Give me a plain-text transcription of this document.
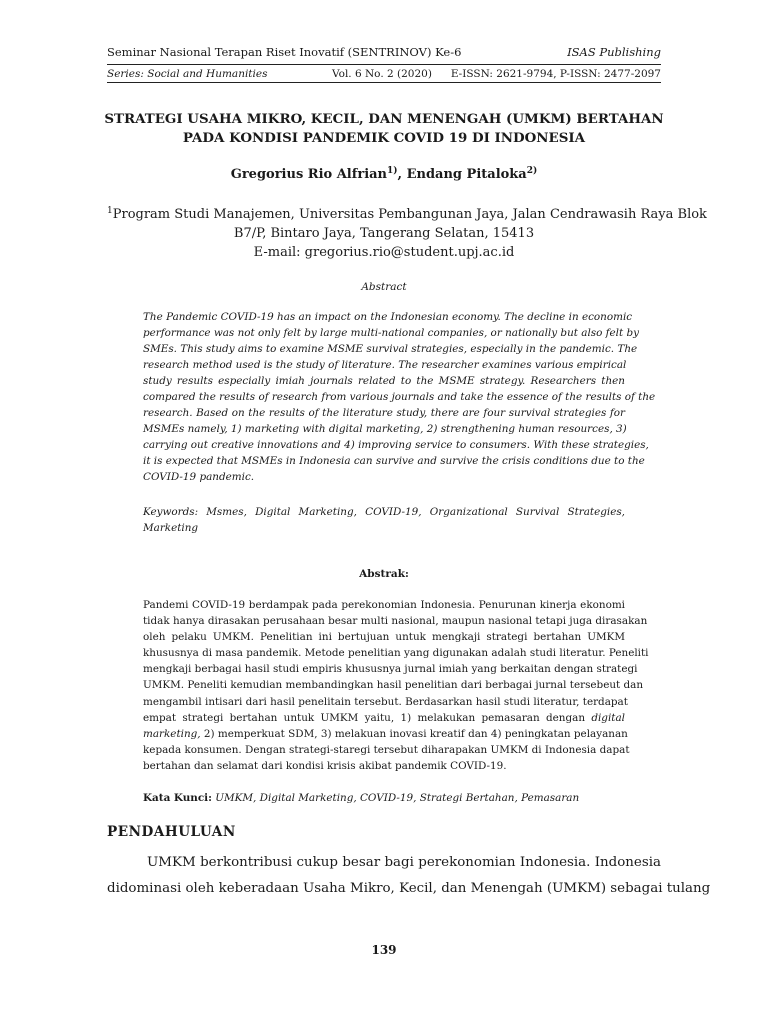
Seminar Nasional Terapan Riset Inovatif (SENTRINOV) Ke-6	ISAS Publishing
Series: Social and Humanities	Vol. 6 No. 2 (2020) E-ISSN: 2621-9794, P-ISSN: 2477-2097
STRATEGI USAHA MIKRO, KECIL, DAN MENENGAH (UMKM) BERTAHAN
PADA KONDISI PANDEMIK COVID 19 DI INDONESIA
Gregorius Rio Alfrian$^{1)}$, Endang Pitaloka$^{2)}$
$^1$Program Studi Manajemen, Universitas Pembangunan Jaya, Jalan Cendrawasih Raya Blok
B7/P, Bintaro Jaya, Tangerang Selatan, 15413
E-mail: gregorius.rio@student.upj.ac.id
Abstract
The Pandemic COVID-19 has an impact on the Indonesian economy. The decline in economic
performance was not only felt by large multi-national companies, or nationally but also felt by
SMEs. This study aims to examine MSME survival strategies, especially in the pandemic. The
research method used is the study of literature. The researcher examines various empirical
study results especially imiah journals related to the MSME strategy. Researchers then
compared the results of research from various journals and take the essence of the results of the
research. Based on the results of the literature study, there are four survival strategies for
MSMEs namely, 1) marketing with digital marketing, 2) strengthening human resources, 3)
carrying out creative innovations and 4) improving service to consumers. With these strategies,
it is expected that MSMEs in Indonesia can survive and survive the crisis conditions due to the
COVID-19 pandemic.
Keywords: Msmes, Digital Marketing, COVID-19, Organizational Survival Strategies,
Marketing
Abstrak:
Pandemi COVID-19 berdampak pada perekonomian Indonesia. Penurunan kinerja ekonomi
tidak hanya dirasakan perusahaan besar multi nasional, maupun nasional tetapi juga dirasakan
oleh pelaku UMKM. Penelitian ini bertujuan untuk mengkaji strategi bertahan UMKM
khususnya di masa pandemik. Metode penelitian yang digunakan adalah studi literatur. Peneliti
mengkaji berbagai hasil studi empiris khususnya jurnal imiah yang berkaitan dengan strategi
UMKM. Peneliti kemudian membandingkan hasil penelitian dari berbagai jurnal tersebeut dan
mengambil intisari dari hasil penelitain tersebut. Berdasarkan hasil studi literatur, terdapat
empat strategi bertahan untuk UMKM yaitu, 1) melakukan pemasaran dengan digital
marketing, 2) memperkuat SDM, 3) melakuan inovasi kreatif dan 4) peningkatan pelayanan
kepada konsumen. Dengan strategi-staregi tersebut diharapakan UMKM di Indonesia dapat
bertahan dan selamat dari kondisi krisis akibat pandemik COVID-19.
Kata Kunci: UMKM, Digital Marketing, COVID-19, Strategi Bertahan, Pemasaran
PENDAHULUAN
UMKM berkontribusi cukup besar bagi perekonomian Indonesia. Indonesia
didominasi oleh keberadaan Usaha Mikro, Kecil, dan Menengah (UMKM) sebagai tulang
139
